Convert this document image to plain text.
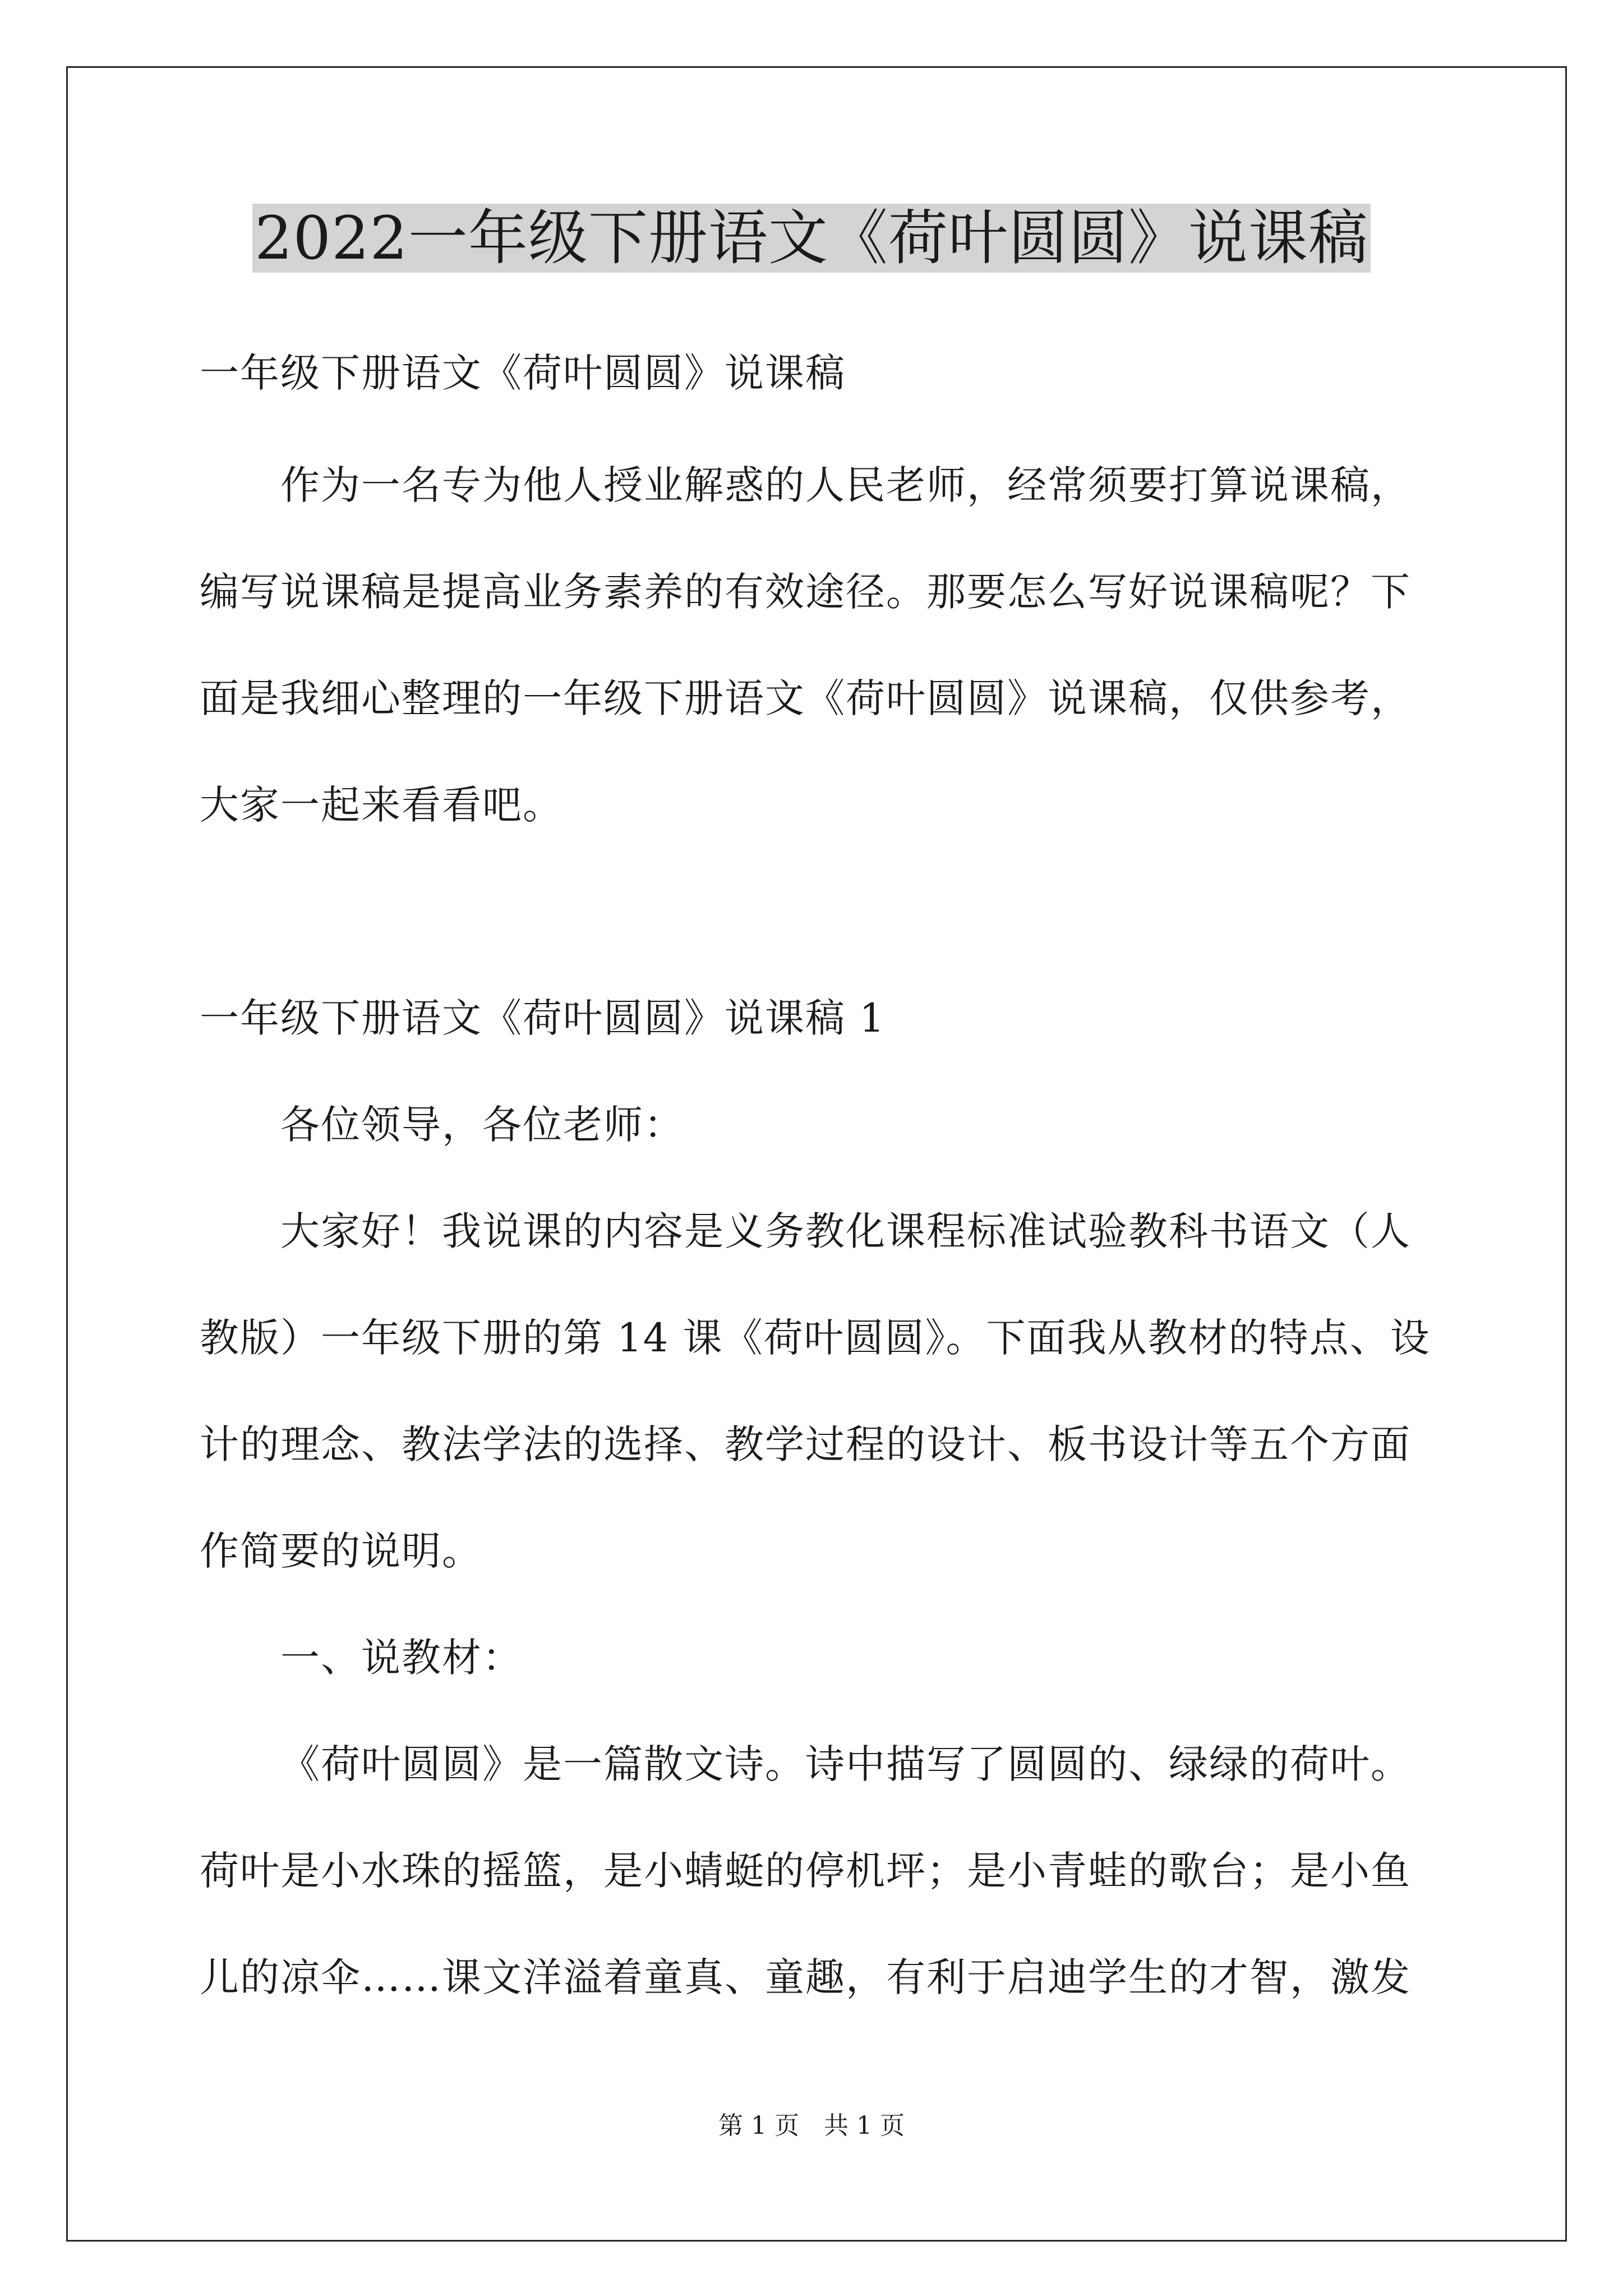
2022一年级下册语文《荷叶圆圆》说课稿
一年级下册语文《荷叶圆圆》说课稿
作为一名专为他人授业解惑的人民老师，经常须要打算说课稿，
编写说课稿是提高业务素养的有效途径。那要怎么写好说课稿呢？下
面是我细心整理的一年级下册语文《荷叶圆圆》说课稿，仅供参考，
大家一起来看看吧。
一年级下册语文《荷叶圆圆》说课稿 1
各位领导，各位老师：
大家好！我说课的内容是义务教化课程标准试验教科书语文（人
教版）一年级下册的第 14 课《荷叶圆圆》。下面我从教材的特点、设
计的理念、教法学法的选择、教学过程的设计、板书设计等五个方面
作简要的说明。
一、说教材：
《荷叶圆圆》是一篇散文诗。诗中描写了圆圆的、绿绿的荷叶。
荷叶是小水珠的摇篮，是小蜻蜓的停机坪；是小青蛙的歌台；是小鱼
儿的凉伞……课文洋溢着童真、童趣，有利于启迪学生的才智，激发
第 1 页　共 1 页
